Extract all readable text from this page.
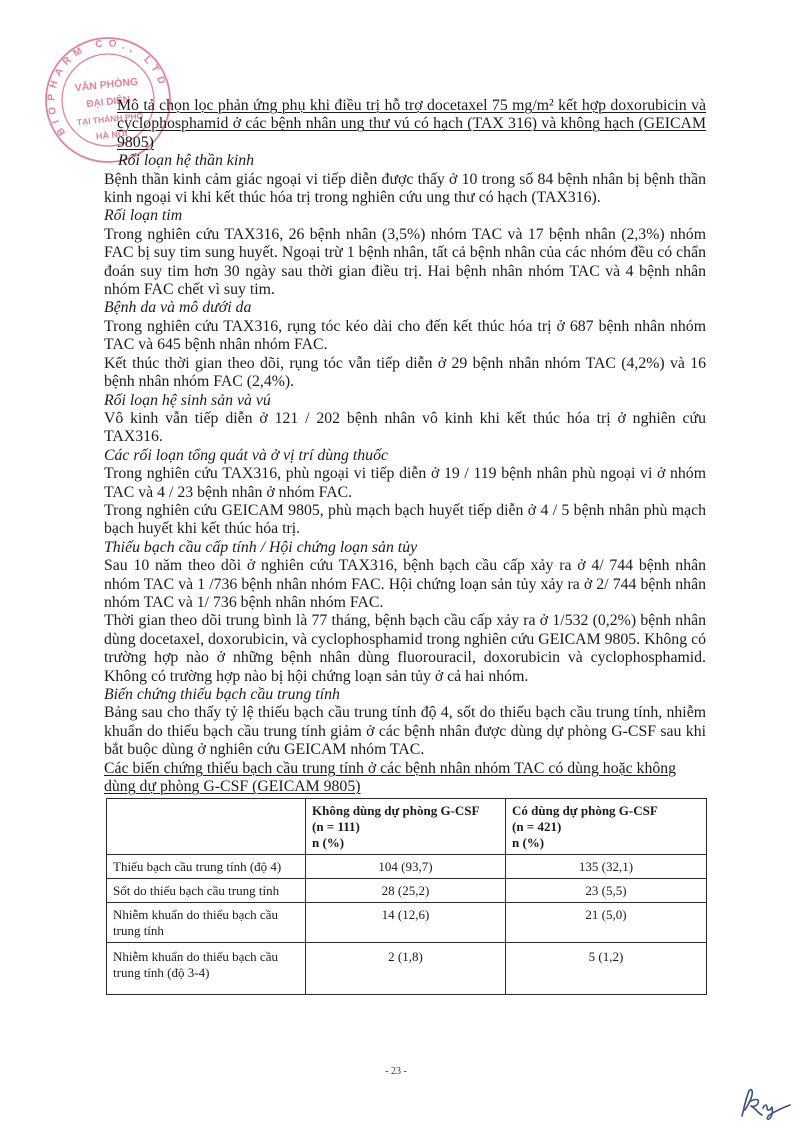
Mô tả chọn lọc phản ứng phụ khi điều trị hỗ trợ docetaxel 75 mg/m² kết hợp doxorubicin và cyclophosphamid ở các bệnh nhân ung thư vú có hạch (TAX 316) và không hạch (GEICAM 9805)

Rối loạn hệ thần kinh

Bệnh thần kinh cảm giác ngoại vi tiếp diễn được thấy ở 10 trong số 84 bệnh nhân bị bệnh thần kinh ngoại vi khi kết thúc hóa trị trong nghiên cứu ung thư có hạch (TAX316).

Rối loạn tim

Trong nghiên cứu TAX316, 26 bệnh nhân (3,5%) nhóm TAC và 17 bệnh nhân (2,3%) nhóm FAC bị suy tim sung huyết. Ngoại trừ 1 bệnh nhân, tất cả bệnh nhân của các nhóm đều có chẩn đoán suy tim hơn 30 ngày sau thời gian điều trị. Hai bệnh nhân nhóm TAC và 4 bệnh nhân nhóm FAC chết vì suy tim.

Bệnh da và mô dưới da

Trong nghiên cứu TAX316, rụng tóc kéo dài cho đến kết thúc hóa trị ở 687 bệnh nhân nhóm TAC và 645 bệnh nhân nhóm FAC.

Kết thúc thời gian theo dõi, rụng tóc vẫn tiếp diễn ở 29 bệnh nhân nhóm TAC (4,2%) và 16 bệnh nhân nhóm FAC (2,4%).

Rối loạn hệ sinh sản và vú

Vô kinh vẫn tiếp diễn ở 121 / 202 bệnh nhân vô kinh khi kết thúc hóa trị ở nghiên cứu TAX316.

Các rối loạn tổng quát và ở vị trí dùng thuốc

Trong nghiên cứu TAX316, phù ngoại vi tiếp diễn ở 19 / 119 bệnh nhân phù ngoại vi ở nhóm TAC và 4 / 23 bệnh nhân ở nhóm FAC.

Trong nghiên cứu GEICAM 9805, phù mạch bạch huyết tiếp diễn ở 4 / 5 bệnh nhân phù mạch bạch huyết khi kết thúc hóa trị.

Thiếu bạch cầu cấp tính / Hội chứng loạn sản tủy

Sau 10 năm theo dõi ở nghiên cứu TAX316, bệnh bạch cầu cấp xảy ra ở 4/ 744 bệnh nhân nhóm TAC và 1 /736 bệnh nhân nhóm FAC. Hội chứng loạn sản tủy xảy ra ở 2/ 744 bệnh nhân nhóm TAC và 1/ 736 bệnh nhân nhóm FAC.

Thời gian theo dõi trung bình là 77 tháng, bệnh bạch cầu cấp xảy ra ở 1/532 (0,2%) bệnh nhân dùng docetaxel, doxorubicin, và cyclophosphamid trong nghiên cứu GEICAM 9805. Không có trường hợp nào ở những bệnh nhân dùng fluorouracil, doxorubicin và cyclophosphamid. Không có trường hợp nào bị hội chứng loạn sản tủy ở cả hai nhóm.

Biến chứng thiếu bạch cầu trung tính

Bảng sau cho thấy tỷ lệ thiếu bạch cầu trung tính độ 4, sốt do thiếu bạch cầu trung tính, nhiễm khuẩn do thiếu bạch cầu trung tính giảm ở các bệnh nhân được dùng dự phòng G-CSF sau khi bắt buộc dùng ở nghiên cứu GEICAM nhóm TAC.

Các biến chứng thiếu bạch cầu trung tính ở các bệnh nhân nhóm TAC có dùng hoặc không dùng dự phòng G-CSF (GEICAM 9805)

	Không dùng dự phòng G-CSF
(n = 111)
n (%)	Có dùng dự phòng G-CSF
(n = 421)
n (%)

Thiếu bạch cầu trung tính (độ 4)	104 (93,7)	135 (32,1)
Sốt do thiếu bạch cầu trung tính	28 (25,2)	23 (5,5)
Nhiễm khuẩn do thiếu bạch cầu trung tính	14 (12,6)	21 (5,0)
Nhiễm khuẩn do thiếu bạch cầu trung tính (độ 3-4)	2 (1,8)	5 (1,2)
- 23 -
BIOPHARM CO., LTD
VĂN PHÒNG
ĐẠI DIỆN
TẠI THÀNH PHỐ
HÀ NỘI
